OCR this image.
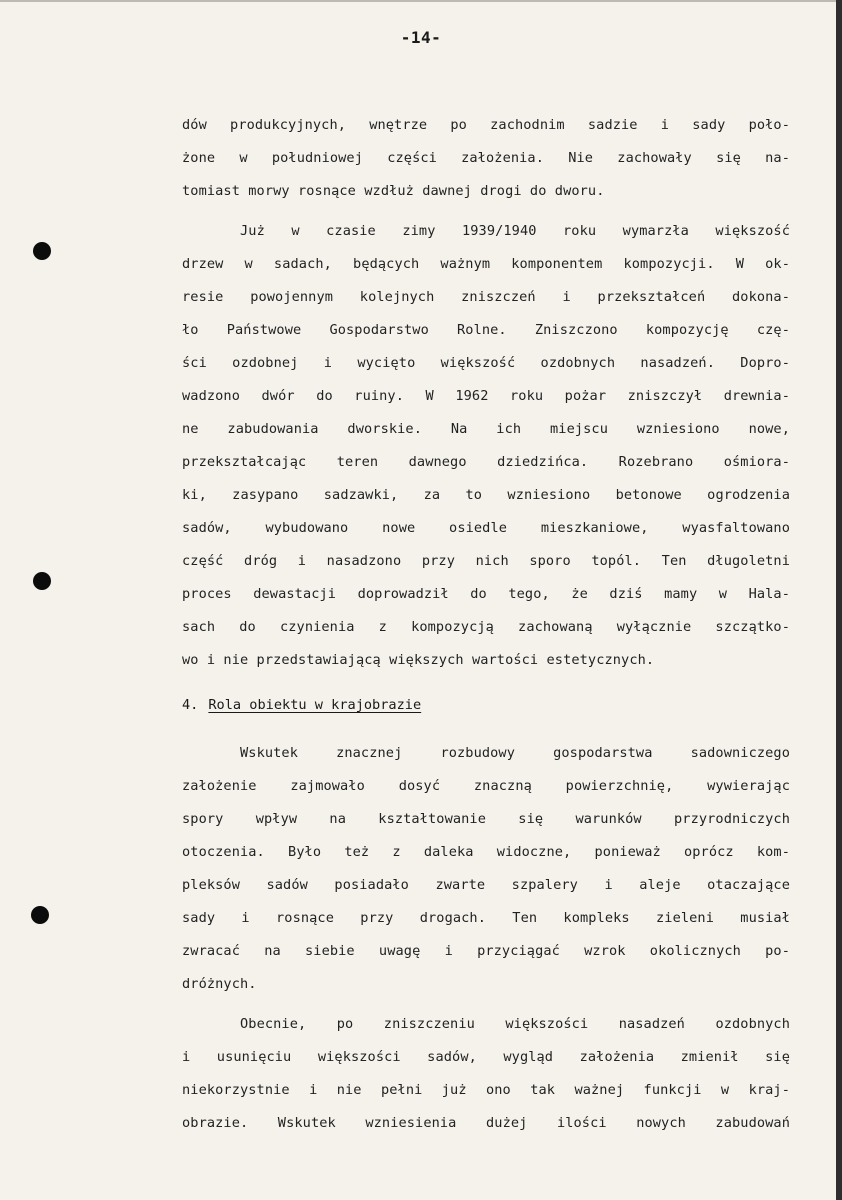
-14-
dów produkcyjnych, wnętrze po zachodnim sadzie i sady poło-
żone w południowej części założenia. Nie zachowały się na-
tomiast morwy rosnące wzdłuż dawnej drogi do dworu.
Już w czasie zimy 1939/1940 roku wymarzła większość
drzew w sadach, będących ważnym komponentem kompozycji. W ok-
resie powojennym kolejnych zniszczeń i przekształceń dokona-
ło Państwowe Gospodarstwo Rolne. Zniszczono kompozycję czę-
ści ozdobnej i wycięto większość ozdobnych nasadzeń. Dopro-
wadzono dwór do ruiny. W 1962 roku pożar zniszczył drewnia-
ne zabudowania dworskie. Na ich miejscu wzniesiono nowe,
przekształcając teren dawnego dziedzińca. Rozebrano ośmiora-
ki, zasypano sadzawki, za to wzniesiono betonowe ogrodzenia
sadów, wybudowano nowe osiedle mieszkaniowe, wyasfaltowano
część dróg i nasadzono przy nich sporo topól. Ten długoletni
proces dewastacji doprowadził do tego, że dziś mamy w Hala-
sach do czynienia z kompozycją zachowaną wyłącznie szczątko-
wo i nie przedstawiającą większych wartości estetycznych.
4. Rola obiektu w krajobrazie
Wskutek znacznej rozbudowy gospodarstwa sadowniczego
założenie zajmowało dosyć znaczną powierzchnię, wywierając
spory wpływ na kształtowanie się warunków przyrodniczych
otoczenia. Było też z daleka widoczne, ponieważ oprócz kom-
pleksów sadów posiadało zwarte szpalery i aleje otaczające
sady i rosnące przy drogach. Ten kompleks zieleni musiał
zwracać na siebie uwagę i przyciągać wzrok okolicznych po-
dróżnych.
Obecnie, po zniszczeniu większości nasadzeń ozdobnych
i usunięciu większości sadów, wygląd założenia zmienił się
niekorzystnie i nie pełni już ono tak ważnej funkcji w kraj-
obrazie. Wskutek wzniesienia dużej ilości nowych zabudowań
